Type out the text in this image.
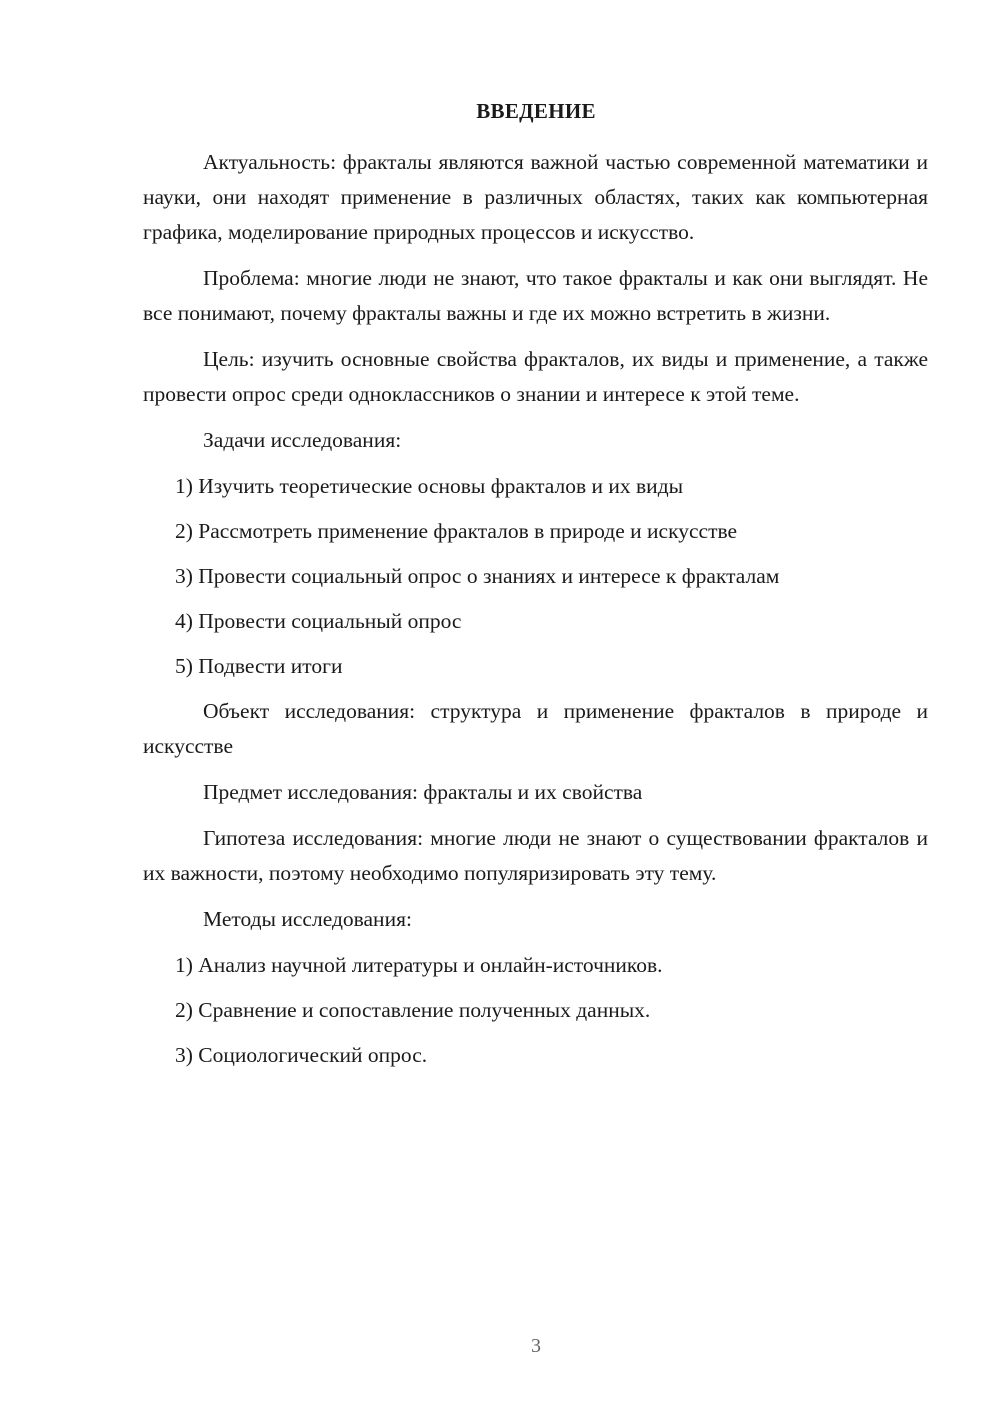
ВВЕДЕНИЕ

Актуальность: фракталы являются важной частью современной математики и науки, они находят применение в различных областях, таких как компьютерная графика, моделирование природных процессов и искусство.

Проблема: многие люди не знают, что такое фракталы и как они выглядят. Не все понимают, почему фракталы важны и где их можно встретить в жизни.

Цель: изучить основные свойства фракталов, их виды и применение, а также провести опрос среди одноклассников о знании и интересе к этой теме.

Задачи исследования:

1) Изучить теоретические основы фракталов и их виды

2) Рассмотреть применение фракталов в природе и искусстве

3) Провести социальный опрос о знаниях и интересе к фракталам

4) Провести социальный опрос

5) Подвести итоги

Объект исследования: структура и применение фракталов в природе и искусстве

Предмет исследования: фракталы и их свойства

Гипотеза исследования: многие люди не знают о существовании фракталов и их важности, поэтому необходимо популяризировать эту тему.

Методы исследования:

1) Анализ научной литературы и онлайн-источников.

2) Сравнение и сопоставление полученных данных.

3) Социологический опрос.

3
